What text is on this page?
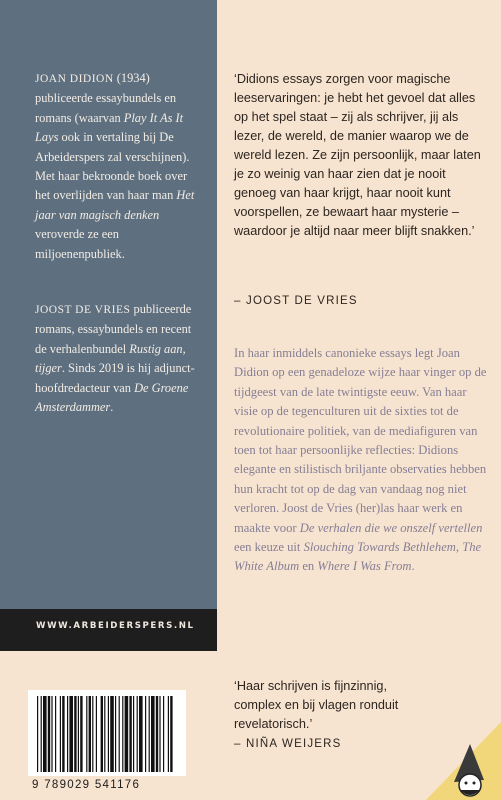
JOAN DIDION (1934) publiceerde essaybundels en romans (waarvan Play It As It Lays ook in vertaling bij De Arbeiderspers zal verschijnen). Met haar bekroonde boek over het overlijden van haar man Het jaar van magisch denken veroverde ze een miljoenenpubliek.

JOOST DE VRIES publiceerde romans, essaybundels en recent de verhalenbundel Rustig aan, tijger. Sinds 2019 is hij adjunct-hoofdredacteur van De Groene Amsterdammer.

WWW.ARBEIDERSPERS.NL

‘Didions essays zorgen voor magische leeservaringen: je hebt het gevoel dat alles op het spel staat – zij als schrijver, jij als lezer, de wereld, de manier waarop we de wereld lezen. Ze zijn persoonlijk, maar laten je zo weinig van haar zien dat je nooit genoeg van haar krijgt, haar nooit kunt voorspellen, ze bewaart haar mysterie – waardoor je altijd naar meer blijft snakken.’

– JOOST DE VRIES

In haar inmiddels canonieke essays legt Joan Didion op een genadeloze wijze haar vinger op de tijdgeest van de late twintigste eeuw. Van haar visie op de tegenculturen uit de sixties tot de revolutionaire politiek, van de mediafiguren van toen tot haar persoonlijke reflecties: Didions elegante en stilistisch briljante observaties hebben hun kracht tot op de dag van vandaag nog niet verloren. Joost de Vries (her)las haar werk en maakte voor De verhalen die we onszelf vertellen een keuze uit Slouching Towards Bethlehem, The White Album en Where I Was From.

‘Haar schrijven is fijnzinnig, complex en bij vlagen ronduit revelatorisch.’

– NIÑA WEIJERS
9 789029 541176
